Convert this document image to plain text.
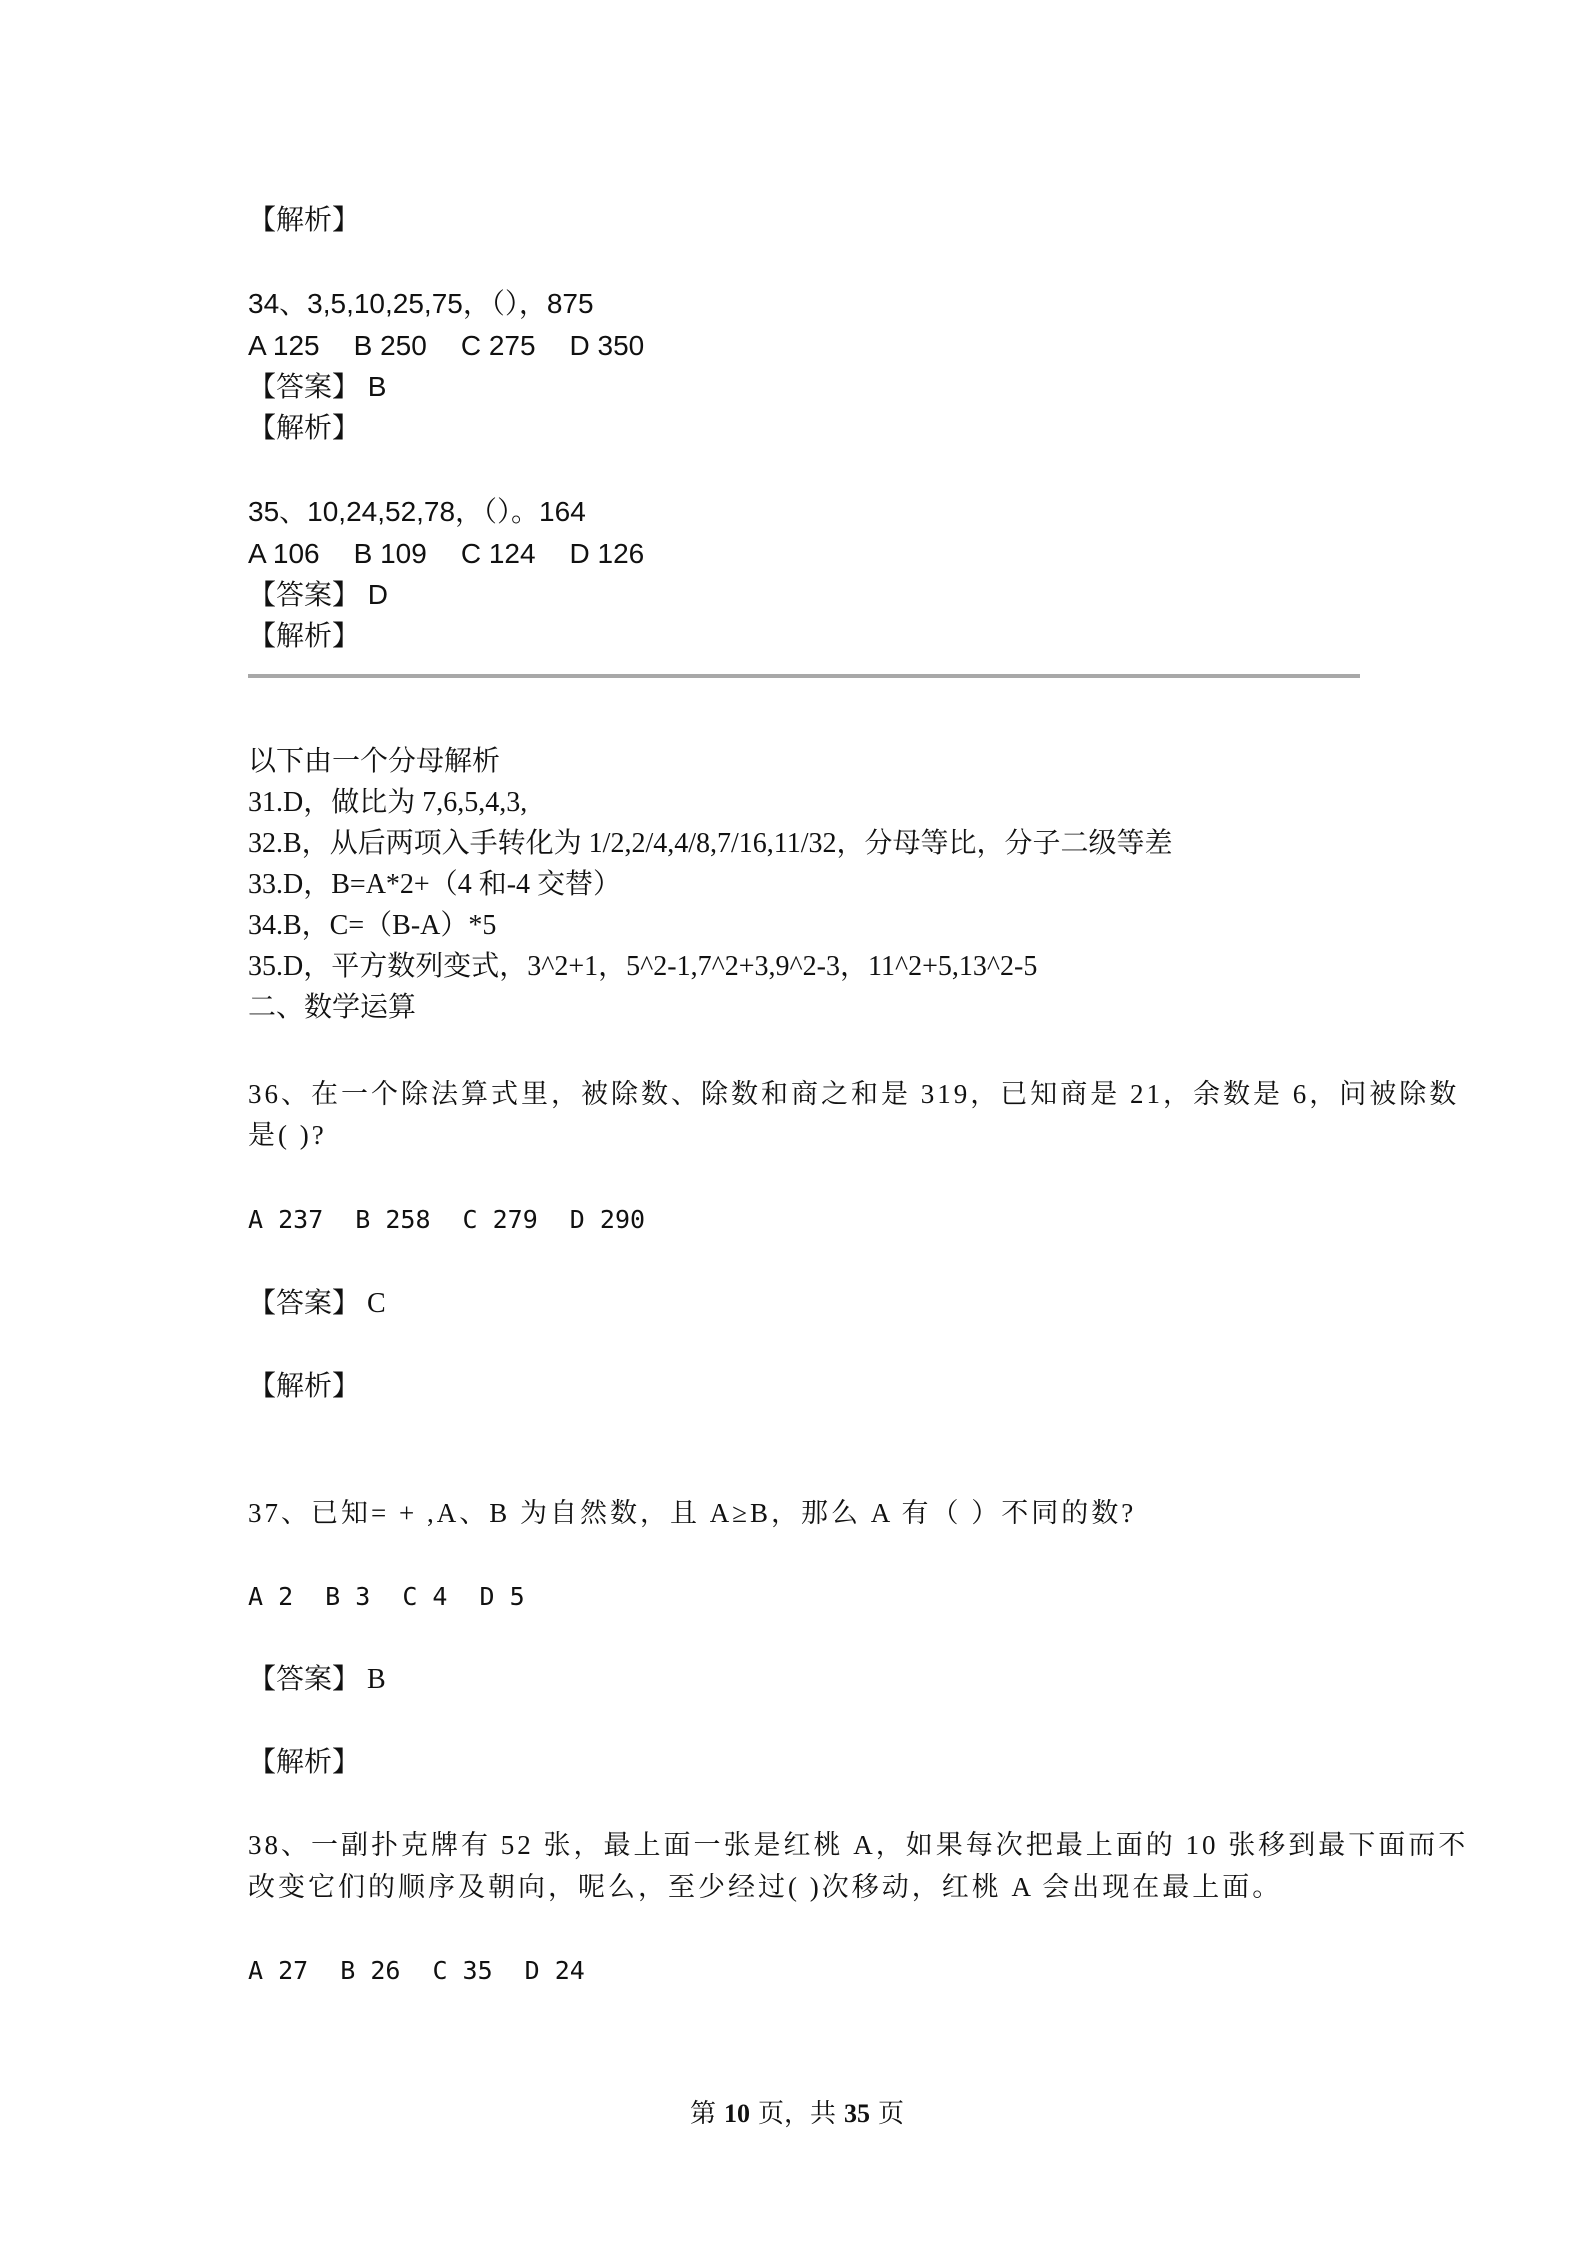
【解析】
34、3,5,10,25,75，（），875
A 125 B 250 C 275 D 350
【答案】 B
【解析】
35、10,24,52,78，（）。164
A 106 B 109 C 124 D 126
【答案】 D
【解析】
以下由一个分母解析
31.D，做比为 7,6,5,4,3,
32.B，从后两项入手转化为 1/2,2/4,4/8,7/16,11/32，分母等比，分子二级等差
33.D，B=A*2+（4 和-4 交替）
34.B，C=（B-A）*5
35.D，平方数列变式，3^2+1，5^2-1,7^2+3,9^2-3，11^2+5,13^2-5
二、数学运算
36、在一个除法算式里，被除数、除数和商之和是 319，已知商是 21，余数是 6，问被除数
是( )?
A 237 B 258 C 279 D 290
【答案】 C
【解析】
37、已知= + ,A、B 为自然数，且 A≥B，那么 A 有（ ）不同的数?
A 2 B 3 C 4 D 5
【答案】 B
【解析】
38、一副扑克牌有 52 张，最上面一张是红桃 A，如果每次把最上面的 10 张移到最下面而不
改变它们的顺序及朝向，呢么，至少经过( )次移动，红桃 A 会出现在最上面。
A 27 B 26 C 35 D 24
第 10 页，共 35 页
